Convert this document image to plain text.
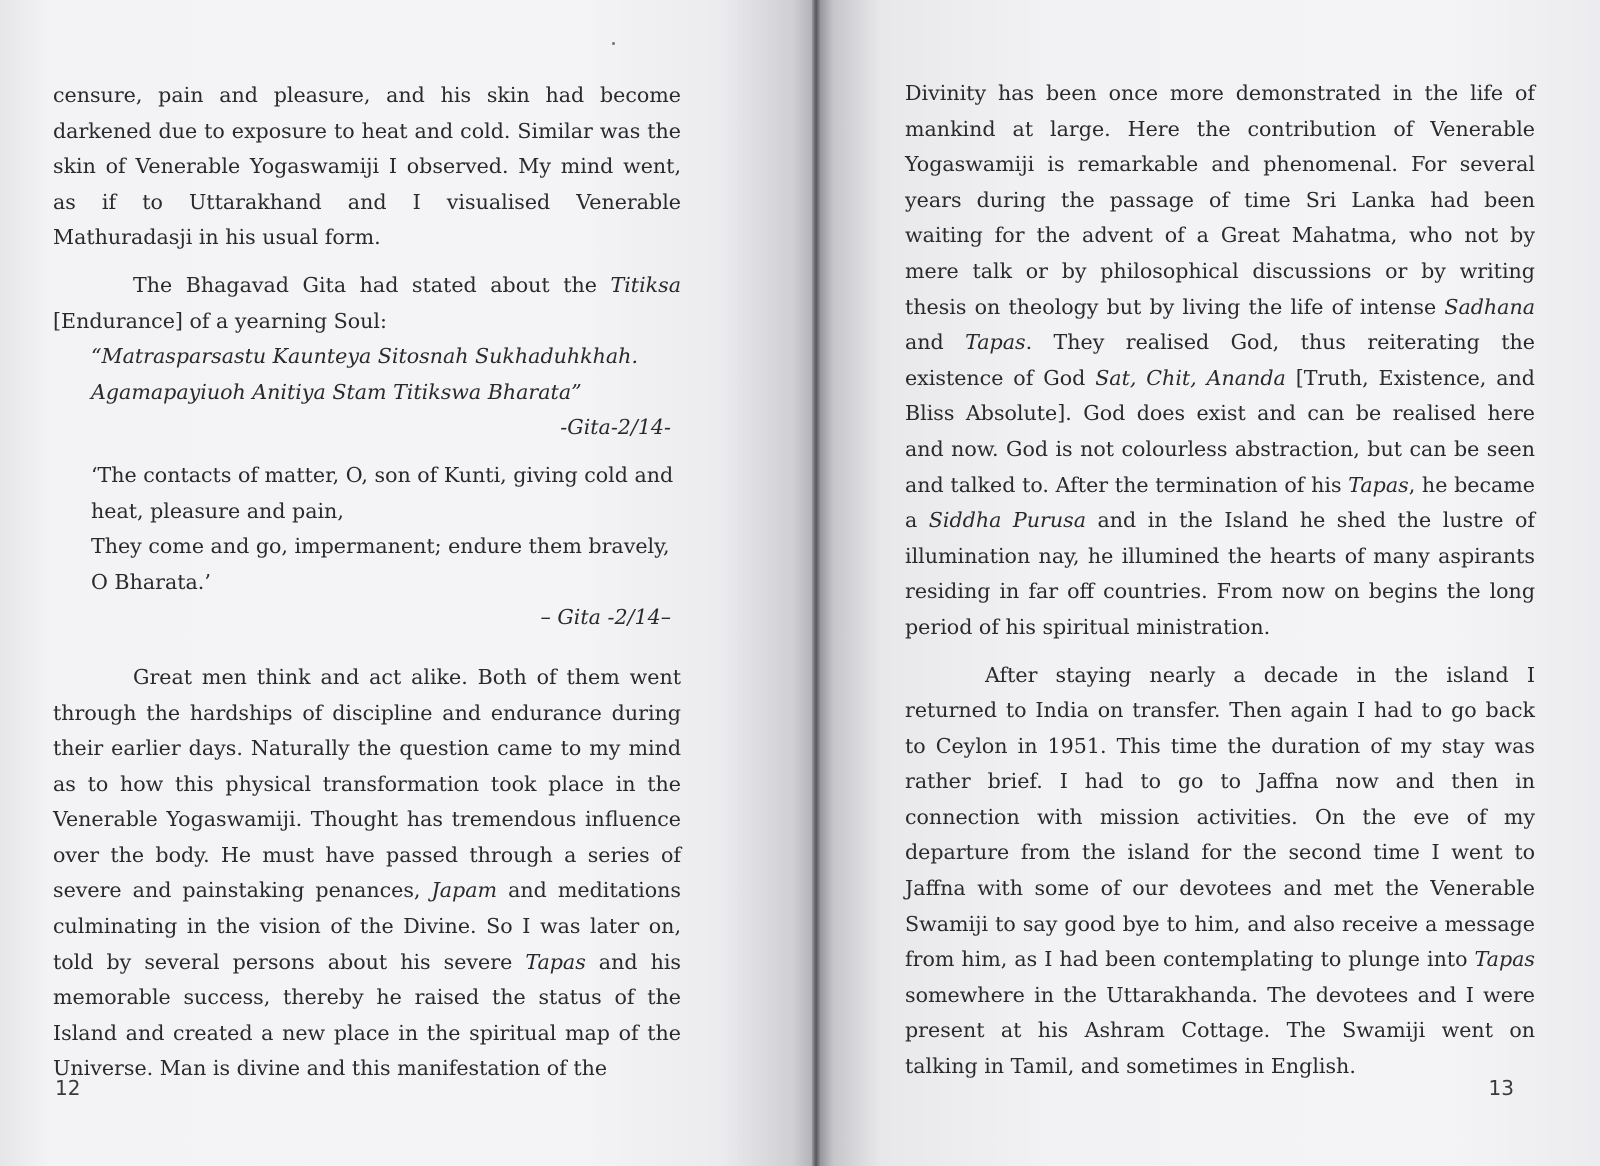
censure, pain and pleasure, and his skin had become darkened due to exposure to heat and cold. Similar was the skin of Venerable Yogaswamiji I observed. My mind went, as if to Uttarakhand and I visualised Venerable Mathuradasji in his usual form.

The Bhagavad Gita had stated about the Titiksa [Endurance] of a yearning Soul:

“Matrasparsastu Kaunteya Sitosnah Sukhaduhkhah.
Agamapayiuoh Anitiya Stam Titikswa Bharata”

-Gita-2/14-

‘The contacts of matter, O, son of Kunti, giving cold and
heat, pleasure and pain,
They come and go, impermanent; endure them bravely,
O Bharata.’

– Gita -2/14–

Great men think and act alike. Both of them went through the hardships of discipline and endurance during their earlier days. Naturally the question came to my mind as to how this physical transformation took place in the Venerable Yogaswamiji. Thought has tremendous influence over the body. He must have passed through a series of severe and painstaking penances, Japam and meditations culminating in the vision of the Divine. So I was later on, told by several persons about his severe Tapas and his memorable success, thereby he raised the status of the Island and created a new place in the spiritual map of the Universe. Man is divine and this manifestation of the

12

Divinity has been once more demonstrated in the life of mankind at large. Here the contribution of Venerable Yogaswamiji is remarkable and phenomenal. For several years during the passage of time Sri Lanka had been waiting for the advent of a Great Mahatma, who not by mere talk or by philosophical discussions or by writing thesis on theology but by living the life of intense Sadhana and Tapas. They realised God, thus reiterating the existence of God Sat, Chit, Ananda [Truth, Existence, and Bliss Absolute]. God does exist and can be realised here and now. God is not colourless abstraction, but can be seen and talked to. After the termination of his Tapas, he became a Siddha Purusa and in the Island he shed the lustre of illumination nay, he illumined the hearts of many aspirants residing in far off countries. From now on begins the long period of his spiritual ministration.

After staying nearly a decade in the island I returned to India on transfer. Then again I had to go back to Ceylon in 1951. This time the duration of my stay was rather brief. I had to go to Jaffna now and then in connection with mission activities. On the eve of my departure from the island for the second time I went to Jaffna with some of our devotees and met the Venerable Swamiji to say good bye to him, and also receive a message from him, as I had been contemplating to plunge into Tapas somewhere in the Uttarakhanda. The devotees and I were present at his Ashram Cottage. The Swamiji went on talking in Tamil, and sometimes in English.

13
